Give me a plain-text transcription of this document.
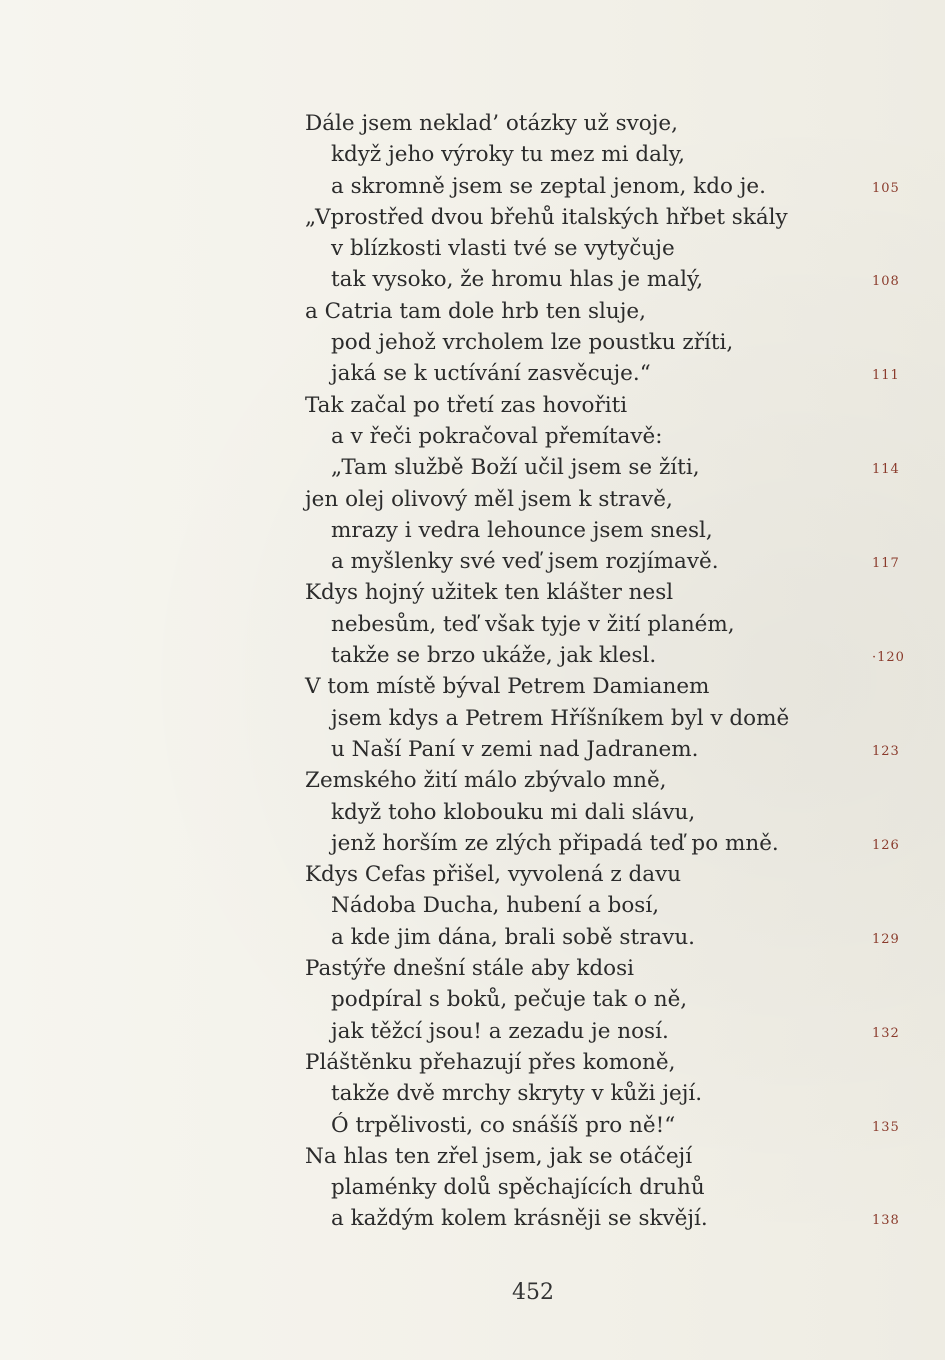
Dále jsem neklad’ otázky už svoje,
když jeho výroky tu mez mi daly,
a skromně jsem se zeptal jenom, kdo je.	105
„Vprostřed dvou břehů italských hřbet skály
v blízkosti vlasti tvé se vytyčuje
tak vysoko, že hromu hlas je malý,	108
a Catria tam dole hrb ten sluje,
pod jehož vrcholem lze poustku zříti,
jaká se k uctívání zasvěcuje.“	111
Tak začal po třetí zas hovořiti
a v řeči pokračoval přemítavě:
„Tam službě Boží učil jsem se žíti,	114
jen olej olivový měl jsem k stravě,
mrazy i vedra lehounce jsem snesl,
a myšlenky své veď jsem rozjímavě.	117
Kdys hojný užitek ten klášter nesl
nebesům, teď však tyje v žití planém,
takže se brzo ukáže, jak klesl.	·120
V tom místě býval Petrem Damianem
jsem kdys a Petrem Hříšníkem byl v domě
u Naší Paní v zemi nad Jadranem.	123
Zemského žití málo zbývalo mně,
když toho klobouku mi dali slávu,
jenž horším ze zlých připadá teď po mně.	126
Kdys Cefas přišel, vyvolená z davu
Nádoba Ducha, hubení a bosí,
a kde jim dána, brali sobě stravu.	129
Pastýře dnešní stále aby kdosi
podpíral s boků, pečuje tak o ně,
jak těžcí jsou! a zezadu je nosí.	132
Pláštěnku přehazují přes komoně,
takže dvě mrchy skryty v kůži její.
Ó trpělivosti, co snášíš pro ně!“	135
Na hlas ten zřel jsem, jak se otáčejí
plaménky dolů spěchajících druhů
a každým kolem krásněji se skvějí.	138
452
